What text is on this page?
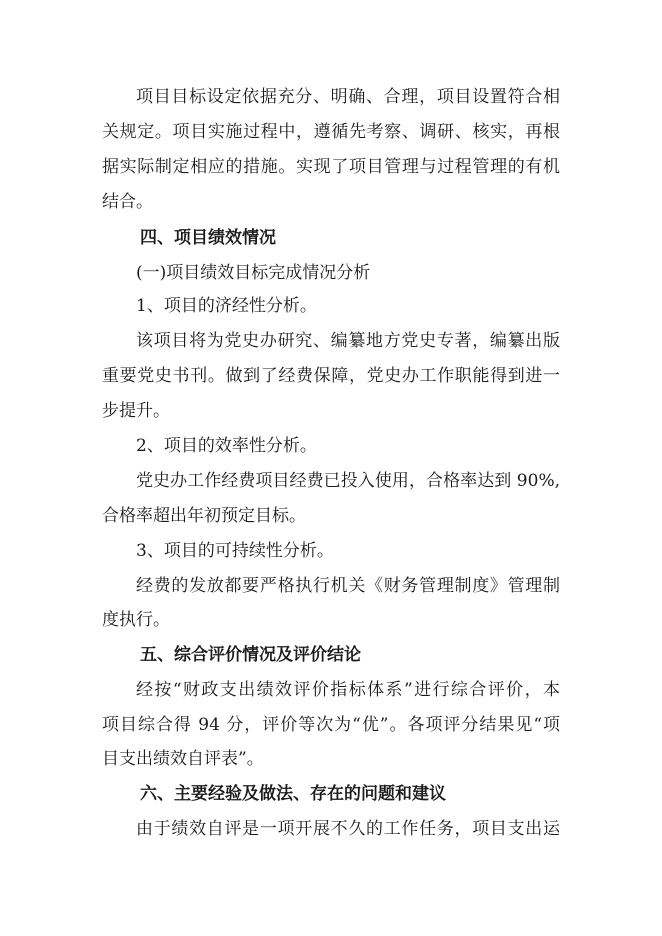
项目目标设定依据充分、明确、合理，项目设置符合相
关规定。项目实施过程中，遵循先考察、调研、核实，再根
据实际制定相应的措施。实现了项目管理与过程管理的有机
结合。
四、项目绩效情况
(一)项目绩效目标完成情况分析
1、项目的济经性分析。
该项目将为党史办研究、编纂地方党史专著，编纂出版
重要党史书刊。做到了经费保障，党史办工作职能得到进一
步提升。
2、项目的效率性分析。
党史办工作经费项目经费已投入使用，合格率达到 90%,
合格率超出年初预定目标。
3、项目的可持续性分析。
经费的发放都要严格执行机关《财务管理制度》管理制
度执行。
五、综合评价情况及评价结论
经按“财政支出绩效评价指标体系”进行综合评价，本
项目综合得 94 分，评价等次为“优”。各项评分结果见“项
目支出绩效自评表”。
六、主要经验及做法、存在的问题和建议
由于绩效自评是一项开展不久的工作任务，项目支出运
